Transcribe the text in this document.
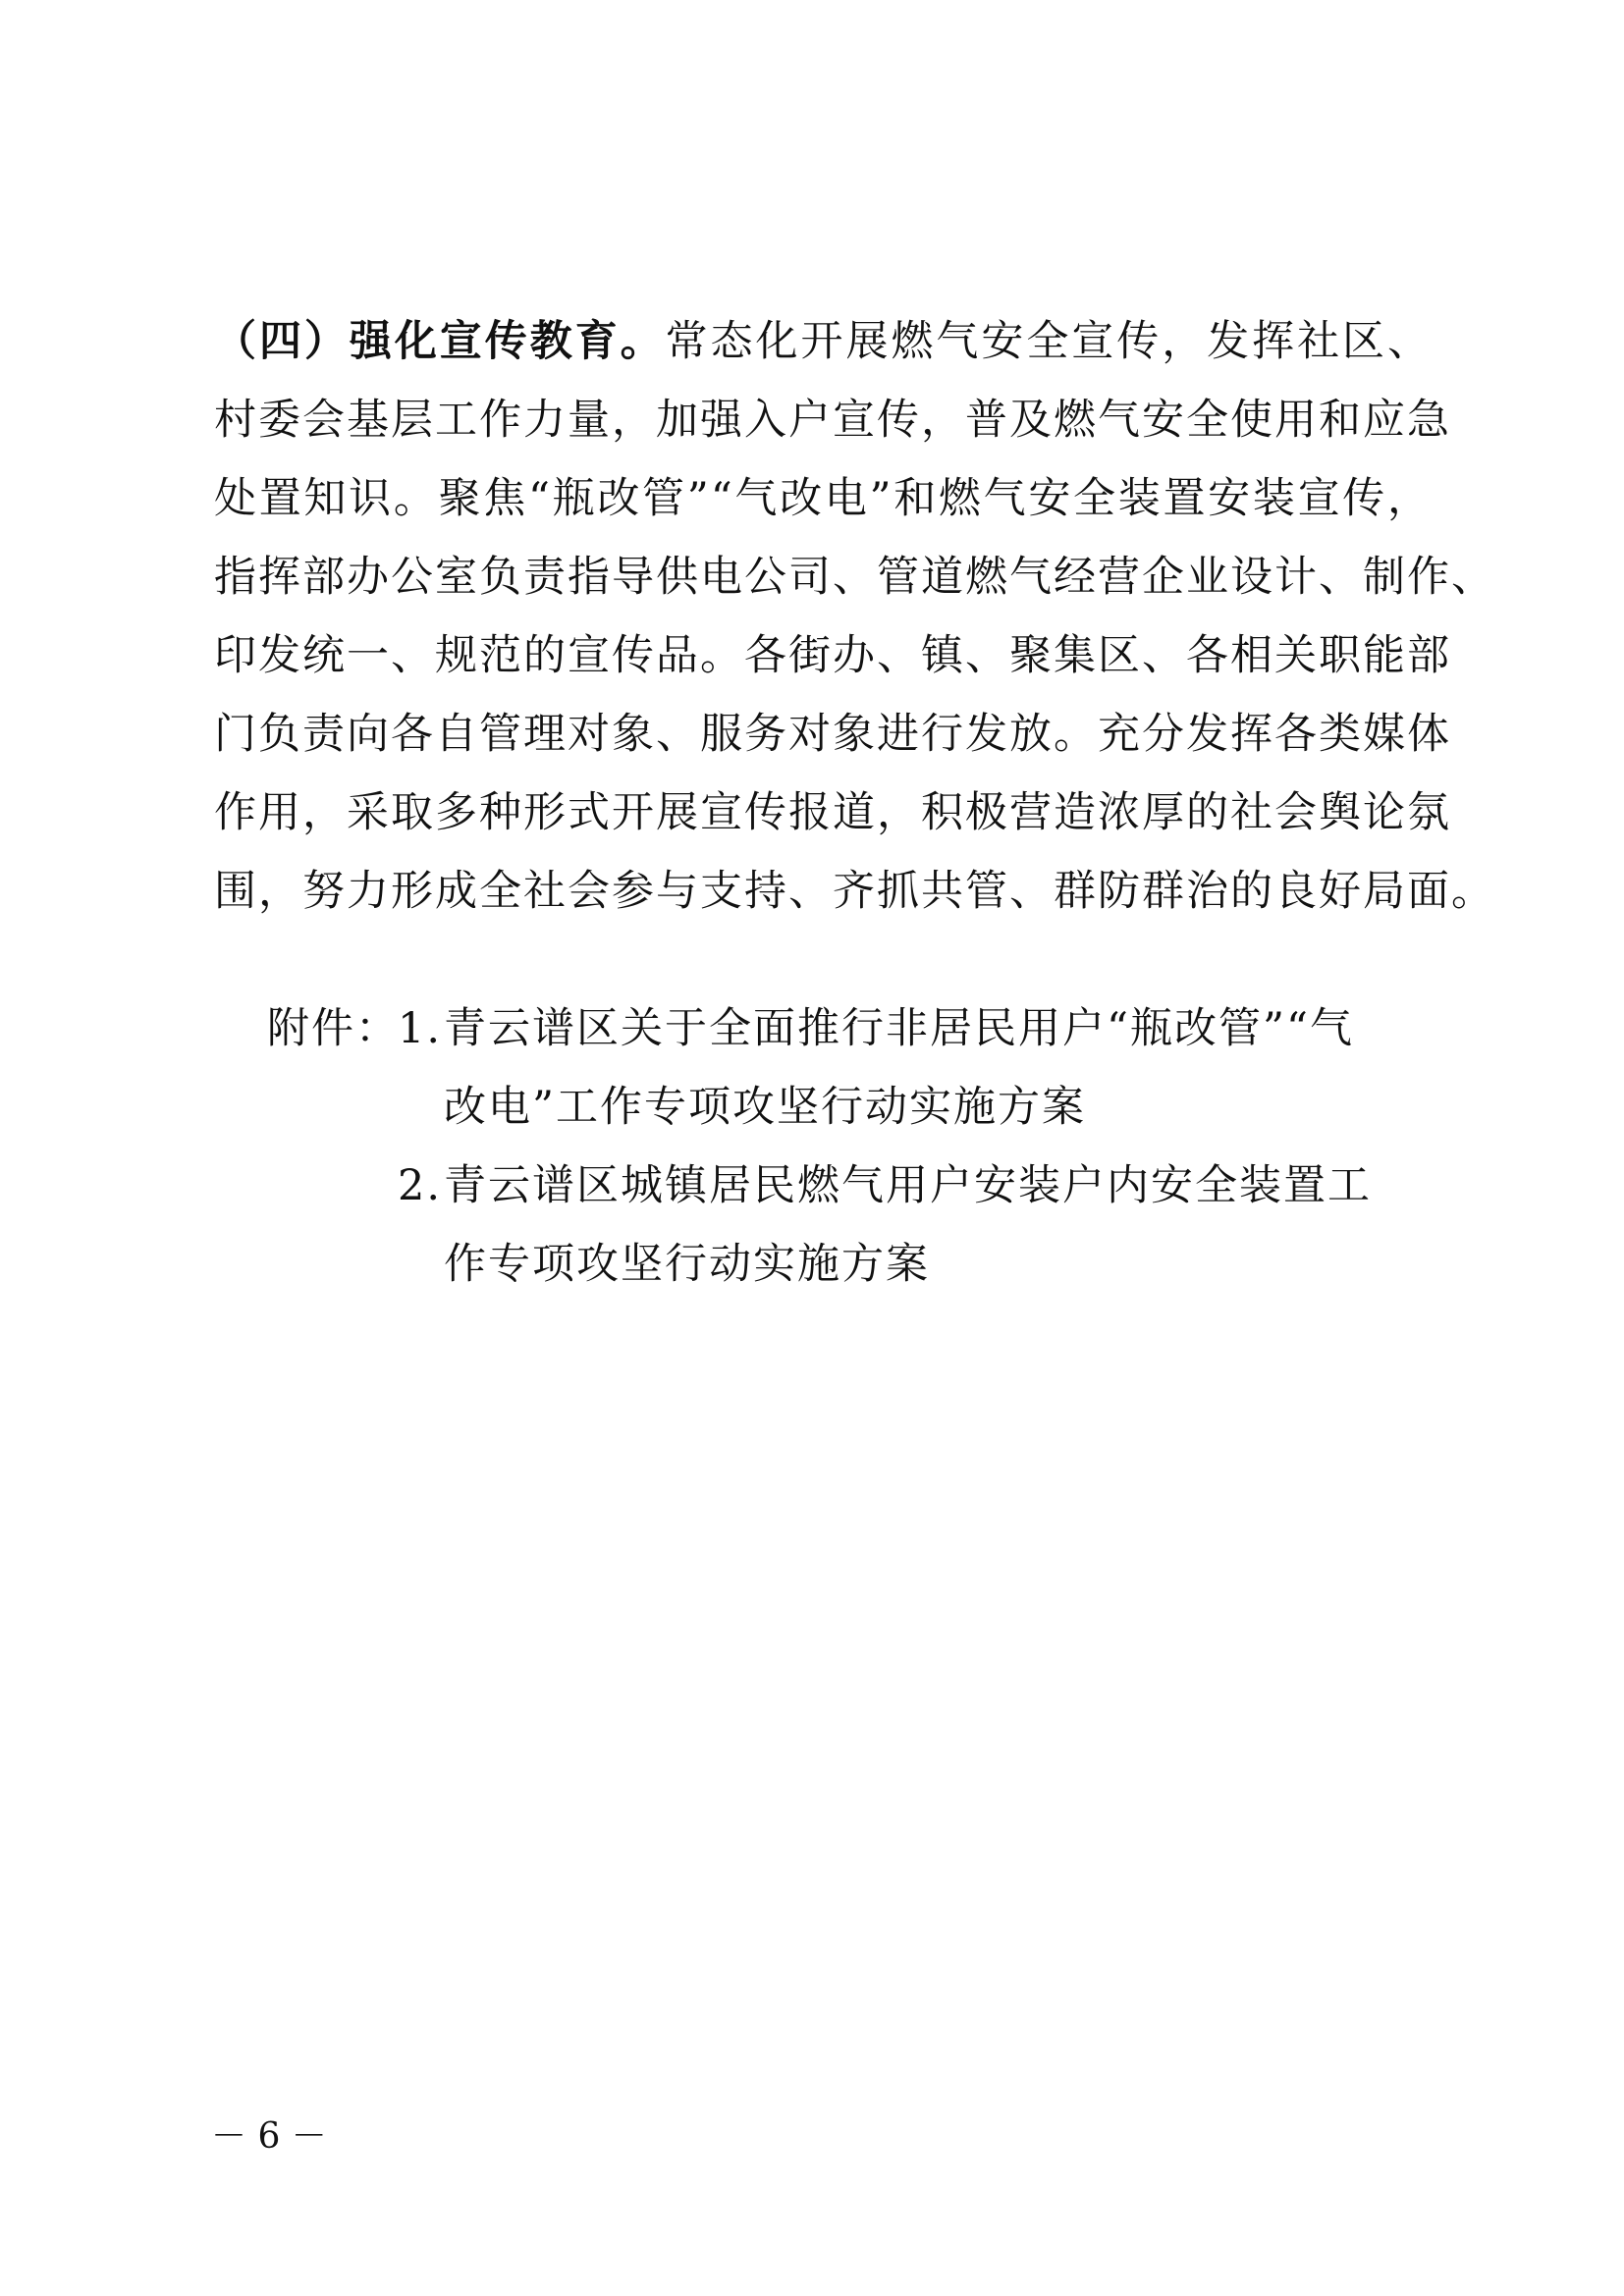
（四）强化宣传教育。常态化开展燃气安全宣传，发挥社区、
村委会基层工作力量，加强入户宣传，普及燃气安全使用和应急
处置知识。聚焦“瓶改管”“气改电”和燃气安全装置安装宣传，
指挥部办公室负责指导供电公司、管道燃气经营企业设计、制作、
印发统一、规范的宣传品。各街办、镇、聚集区、各相关职能部
门负责向各自管理对象、服务对象进行发放。充分发挥各类媒体
作用，采取多种形式开展宣传报道，积极营造浓厚的社会舆论氛
围，努力形成全社会参与支持、齐抓共管、群防群治的良好局面。
附件：
1. 青云谱区关于全面推行非居民用户“瓶改管”“气
改电”工作专项攻坚行动实施方案
2. 青云谱区城镇居民燃气用户安装户内安全装置工
作专项攻坚行动实施方案
－ 6 －
